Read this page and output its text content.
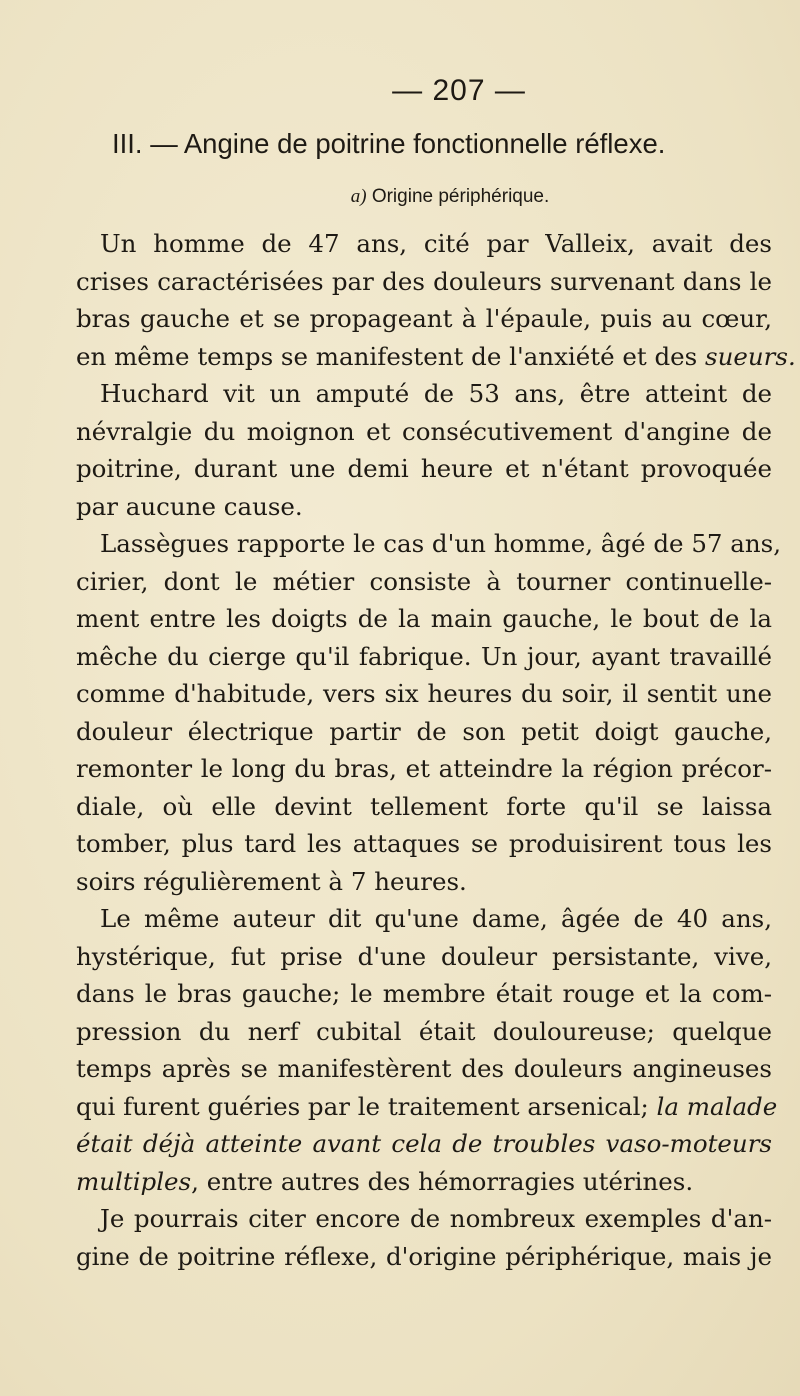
— 207 —
III. — Angine de poitrine fonctionnelle réflexe.
a) Origine périphérique.
Un homme de 47 ans, cité par Valleix, avait des
crises caractérisées par des douleurs survenant dans le
bras gauche et se propageant à l'épaule, puis au cœur,
en même temps se manifestent de l'anxiété et des sueurs.
Huchard vit un amputé de 53 ans, être atteint de
névralgie du moignon et consécutivement d'angine de
poitrine, durant une demi heure et n'étant provoquée
par aucune cause.
Lassègues rapporte le cas d'un homme, âgé de 57 ans,
cirier, dont le métier consiste à tourner continuelle-
ment entre les doigts de la main gauche, le bout de la
mêche du cierge qu'il fabrique. Un jour, ayant travaillé
comme d'habitude, vers six heures du soir, il sentit une
douleur électrique partir de son petit doigt gauche,
remonter le long du bras, et atteindre la région précor-
diale, où elle devint tellement forte qu'il se laissa
tomber, plus tard les attaques se produisirent tous les
soirs régulièrement à 7 heures.
Le même auteur dit qu'une dame, âgée de 40 ans,
hystérique, fut prise d'une douleur persistante, vive,
dans le bras gauche; le membre était rouge et la com-
pression du nerf cubital était douloureuse; quelque
temps après se manifestèrent des douleurs angineuses
qui furent guéries par le traitement arsenical; la malade
était déjà atteinte avant cela de troubles vaso-moteurs
multiples, entre autres des hémorragies utérines.
Je pourrais citer encore de nombreux exemples d'an-
gine de poitrine réflexe, d'origine périphérique, mais je
